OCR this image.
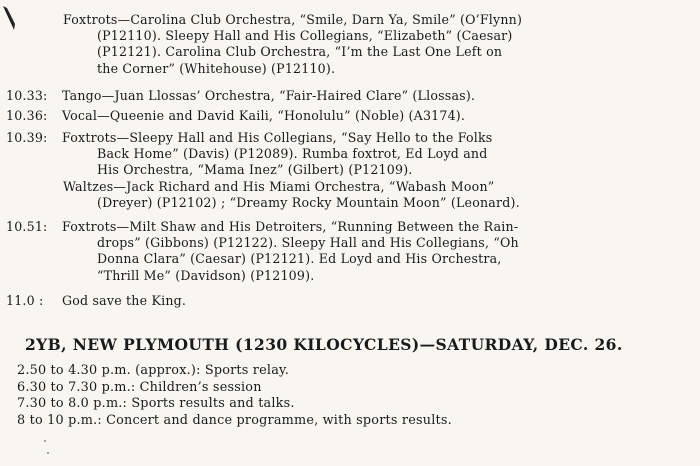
Foxtrots—Carolina Club Orchestra, “Smile, Darn Ya, Smile” (O’Flynn)
(P12110). Sleepy Hall and His Collegians, “Elizabeth” (Caesar)
(P12121). Carolina Club Orchestra, “I’m the Last One Left on
the Corner” (Whitehouse) (P12110).
10.33: Tango—Juan Llossas’ Orchestra, “Fair-Haired Clare” (Llossas).
10.36: Vocal—Queenie and David Kaili, “Honolulu” (Noble) (A3174).
10.39: Foxtrots—Sleepy Hall and His Collegians, “Say Hello to the Folks
Back Home” (Davis) (P12089). Rumba foxtrot, Ed Loyd and
His Orchestra, “Mama Inez” (Gilbert) (P12109).
Waltzes—Jack Richard and His Miami Orchestra, “Wabash Moon”
(Dreyer) (P12102) ; “Dreamy Rocky Mountain Moon” (Leonard).
10.51: Foxtrots—Milt Shaw and His Detroiters, “Running Between the Rain-
drops” (Gibbons) (P12122). Sleepy Hall and His Collegians, “Oh
Donna Clara” (Caesar) (P12121). Ed Loyd and His Orchestra,
“Thrill Me” (Davidson) (P12109).
11.0 : God save the King.
2YB, NEW PLYMOUTH (1230 KILOCYCLES)—SATURDAY, DEC. 26.
2.50 to 4.30 p.m. (approx.): Sports relay.
6.30 to 7.30 p.m.: Children’s session
7.30 to 8.0 p.m.: Sports results and talks.
8 to 10 p.m.: Concert and dance programme, with sports results.
